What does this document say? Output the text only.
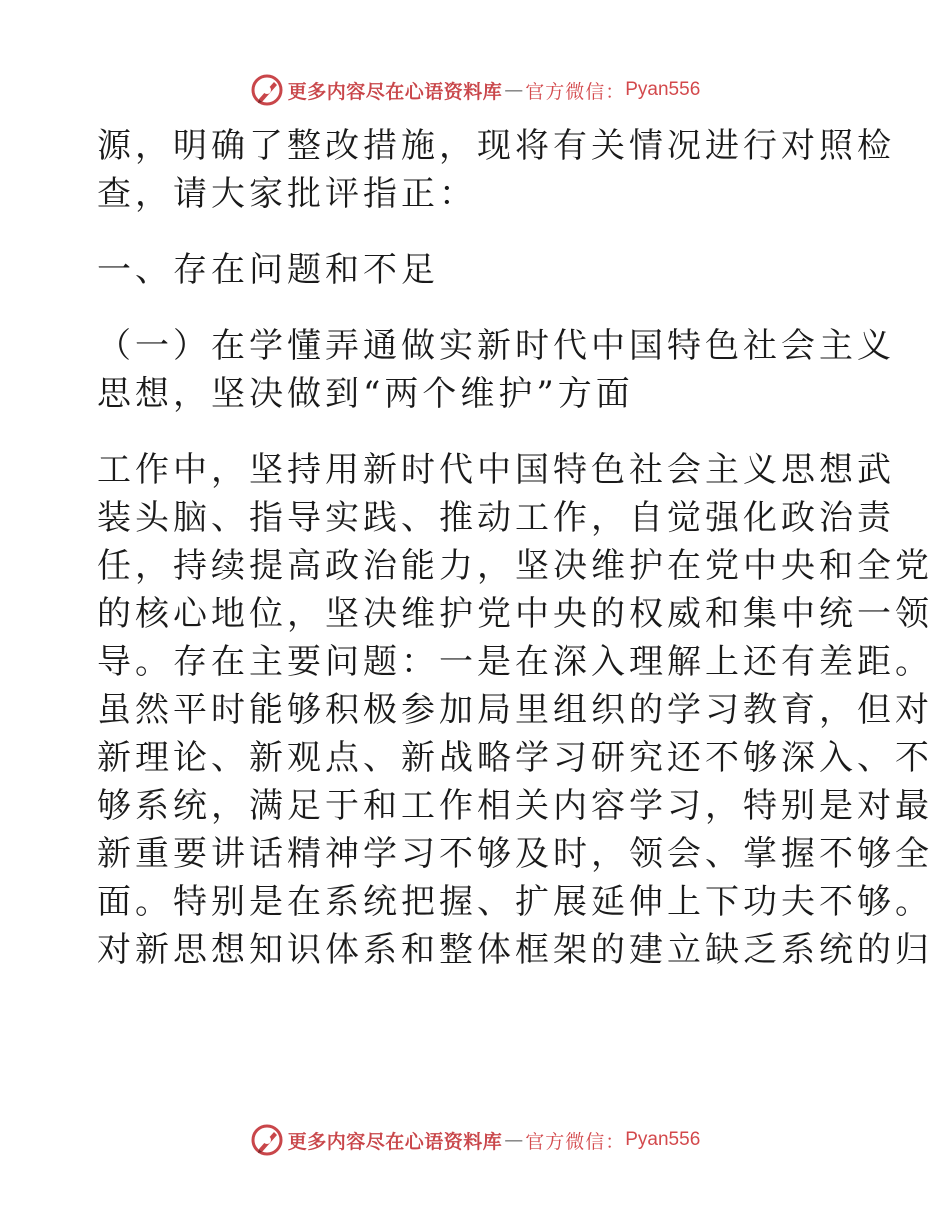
更多内容尽在心语资料库 — 官方微信： Pyan556
源，明确了整改措施，现将有关情况进行对照检
查，请大家批评指正：
一、存在问题和不足
（一）在学懂弄通做实新时代中国特色社会主义
思想，坚决做到“两个维护”方面
工作中，坚持用新时代中国特色社会主义思想武
装头脑、指导实践、推动工作，自觉强化政治责
任，持续提高政治能力，坚决维护在党中央和全党
的核心地位，坚决维护党中央的权威和集中统一领
导。存在主要问题：一是在深入理解上还有差距。
虽然平时能够积极参加局里组织的学习教育，但对
新理论、新观点、新战略学习研究还不够深入、不
够系统，满足于和工作相关内容学习，特别是对最
新重要讲话精神学习不够及时，领会、掌握不够全
面。特别是在系统把握、扩展延伸上下功夫不够。
对新思想知识体系和整体框架的建立缺乏系统的归
更多内容尽在心语资料库 — 官方微信： Pyan556
